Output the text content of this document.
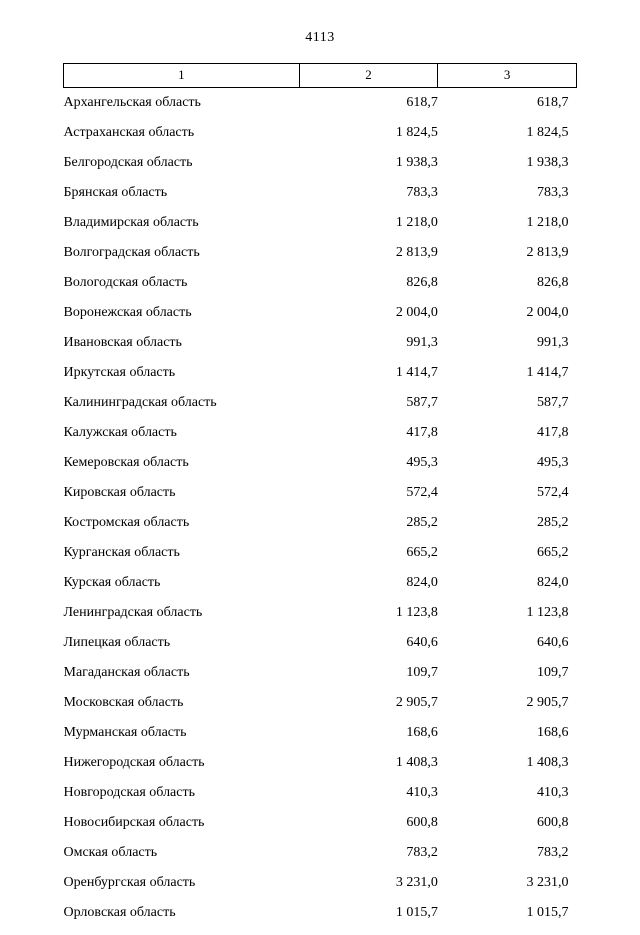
4113
1	2	3
Архангельская область	618,7	618,7
Астраханская область	1 824,5	1 824,5
Белгородская область	1 938,3	1 938,3
Брянская область	783,3	783,3
Владимирская область	1 218,0	1 218,0
Волгоградская область	2 813,9	2 813,9
Вологодская область	826,8	826,8
Воронежская область	2 004,0	2 004,0
Ивановская область	991,3	991,3
Иркутская область	1 414,7	1 414,7
Калининградская область	587,7	587,7
Калужская область	417,8	417,8
Кемеровская область	495,3	495,3
Кировская область	572,4	572,4
Костромская область	285,2	285,2
Курганская область	665,2	665,2
Курская область	824,0	824,0
Ленинградская область	1 123,8	1 123,8
Липецкая область	640,6	640,6
Магаданская область	109,7	109,7
Московская область	2 905,7	2 905,7
Мурманская область	168,6	168,6
Нижегородская область	1 408,3	1 408,3
Новгородская область	410,3	410,3
Новосибирская область	600,8	600,8
Омская область	783,2	783,2
Оренбургская область	3 231,0	3 231,0
Орловская область	1 015,7	1 015,7
